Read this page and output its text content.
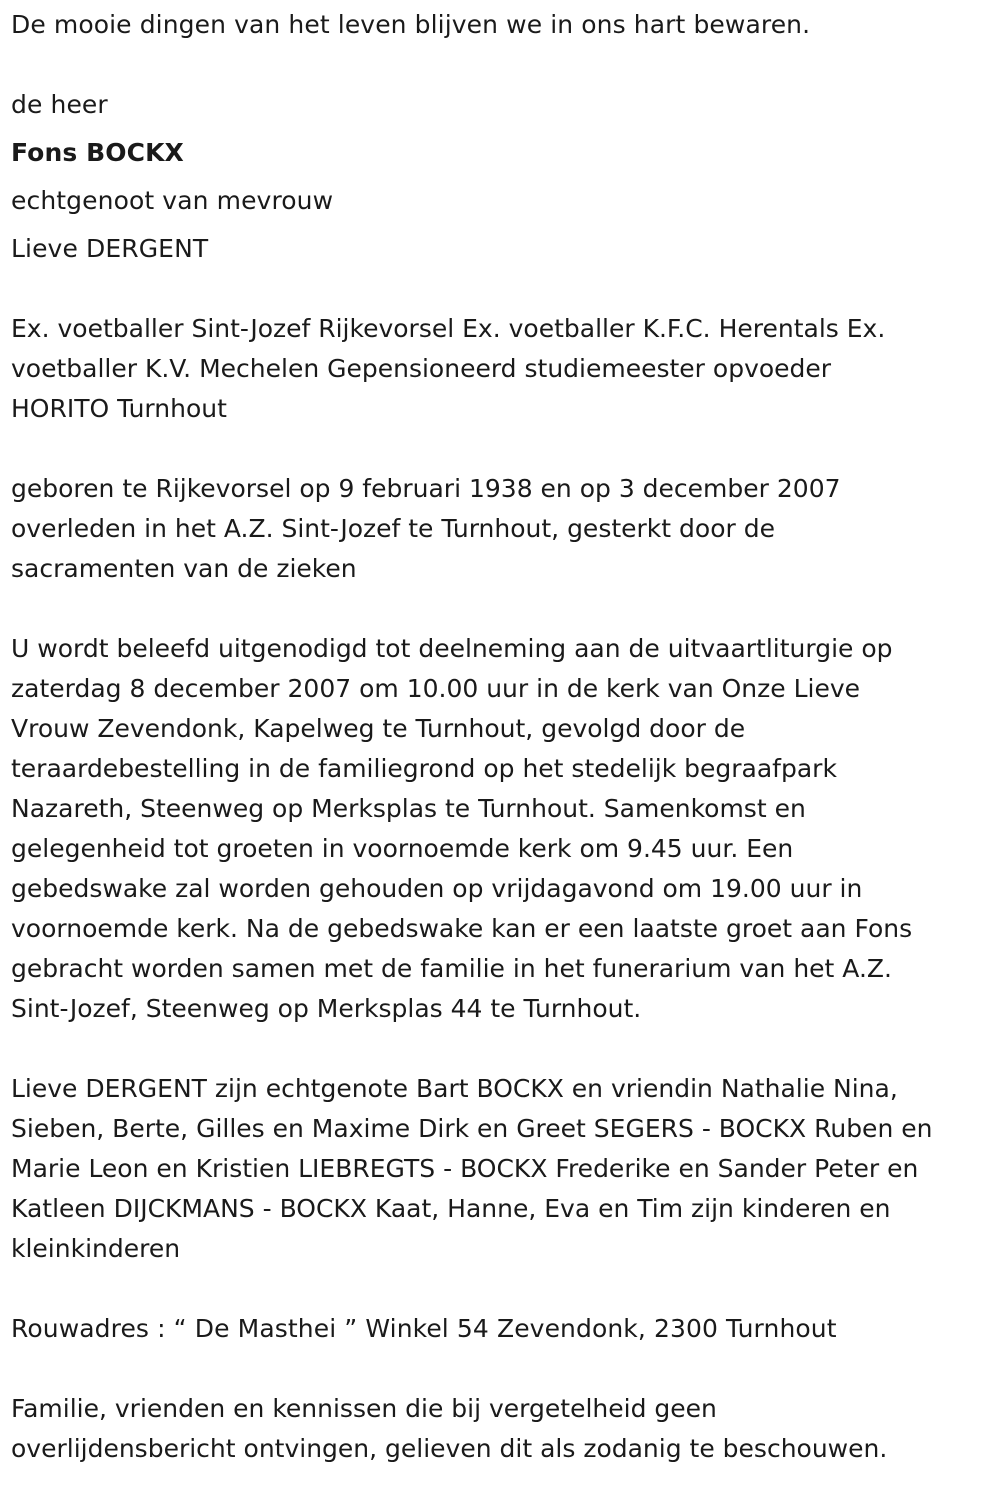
De mooie dingen van het leven blijven we in ons hart bewaren.
de heer
Fons BOCKX
echtgenoot van mevrouw
Lieve DERGENT
Ex. voetballer Sint-Jozef Rijkevorsel Ex. voetballer K.F.C. Herentals Ex.
voetballer K.V. Mechelen Gepensioneerd studiemeester opvoeder
HORITO Turnhout
geboren te Rijkevorsel op 9 februari 1938 en op 3 december 2007
overleden in het A.Z. Sint-Jozef te Turnhout, gesterkt door de
sacramenten van de zieken
U wordt beleefd uitgenodigd tot deelneming aan de uitvaartliturgie op
zaterdag 8 december 2007 om 10.00 uur in de kerk van Onze Lieve
Vrouw Zevendonk, Kapelweg te Turnhout, gevolgd door de
teraardebestelling in de familiegrond op het stedelijk begraafpark
Nazareth, Steenweg op Merksplas te Turnhout. Samenkomst en
gelegenheid tot groeten in voornoemde kerk om 9.45 uur. Een
gebedswake zal worden gehouden op vrijdagavond om 19.00 uur in
voornoemde kerk. Na de gebedswake kan er een laatste groet aan Fons
gebracht worden samen met de familie in het funerarium van het A.Z.
Sint-Jozef, Steenweg op Merksplas 44 te Turnhout.
Lieve DERGENT zijn echtgenote Bart BOCKX en vriendin Nathalie Nina,
Sieben, Berte, Gilles en Maxime Dirk en Greet SEGERS - BOCKX Ruben en
Marie Leon en Kristien LIEBREGTS - BOCKX Frederike en Sander Peter en
Katleen DIJCKMANS - BOCKX Kaat, Hanne, Eva en Tim zijn kinderen en
kleinkinderen
Rouwadres : “ De Masthei ” Winkel 54 Zevendonk, 2300 Turnhout
Familie, vrienden en kennissen die bij vergetelheid geen
overlijdensbericht ontvingen, gelieven dit als zodanig te beschouwen.
